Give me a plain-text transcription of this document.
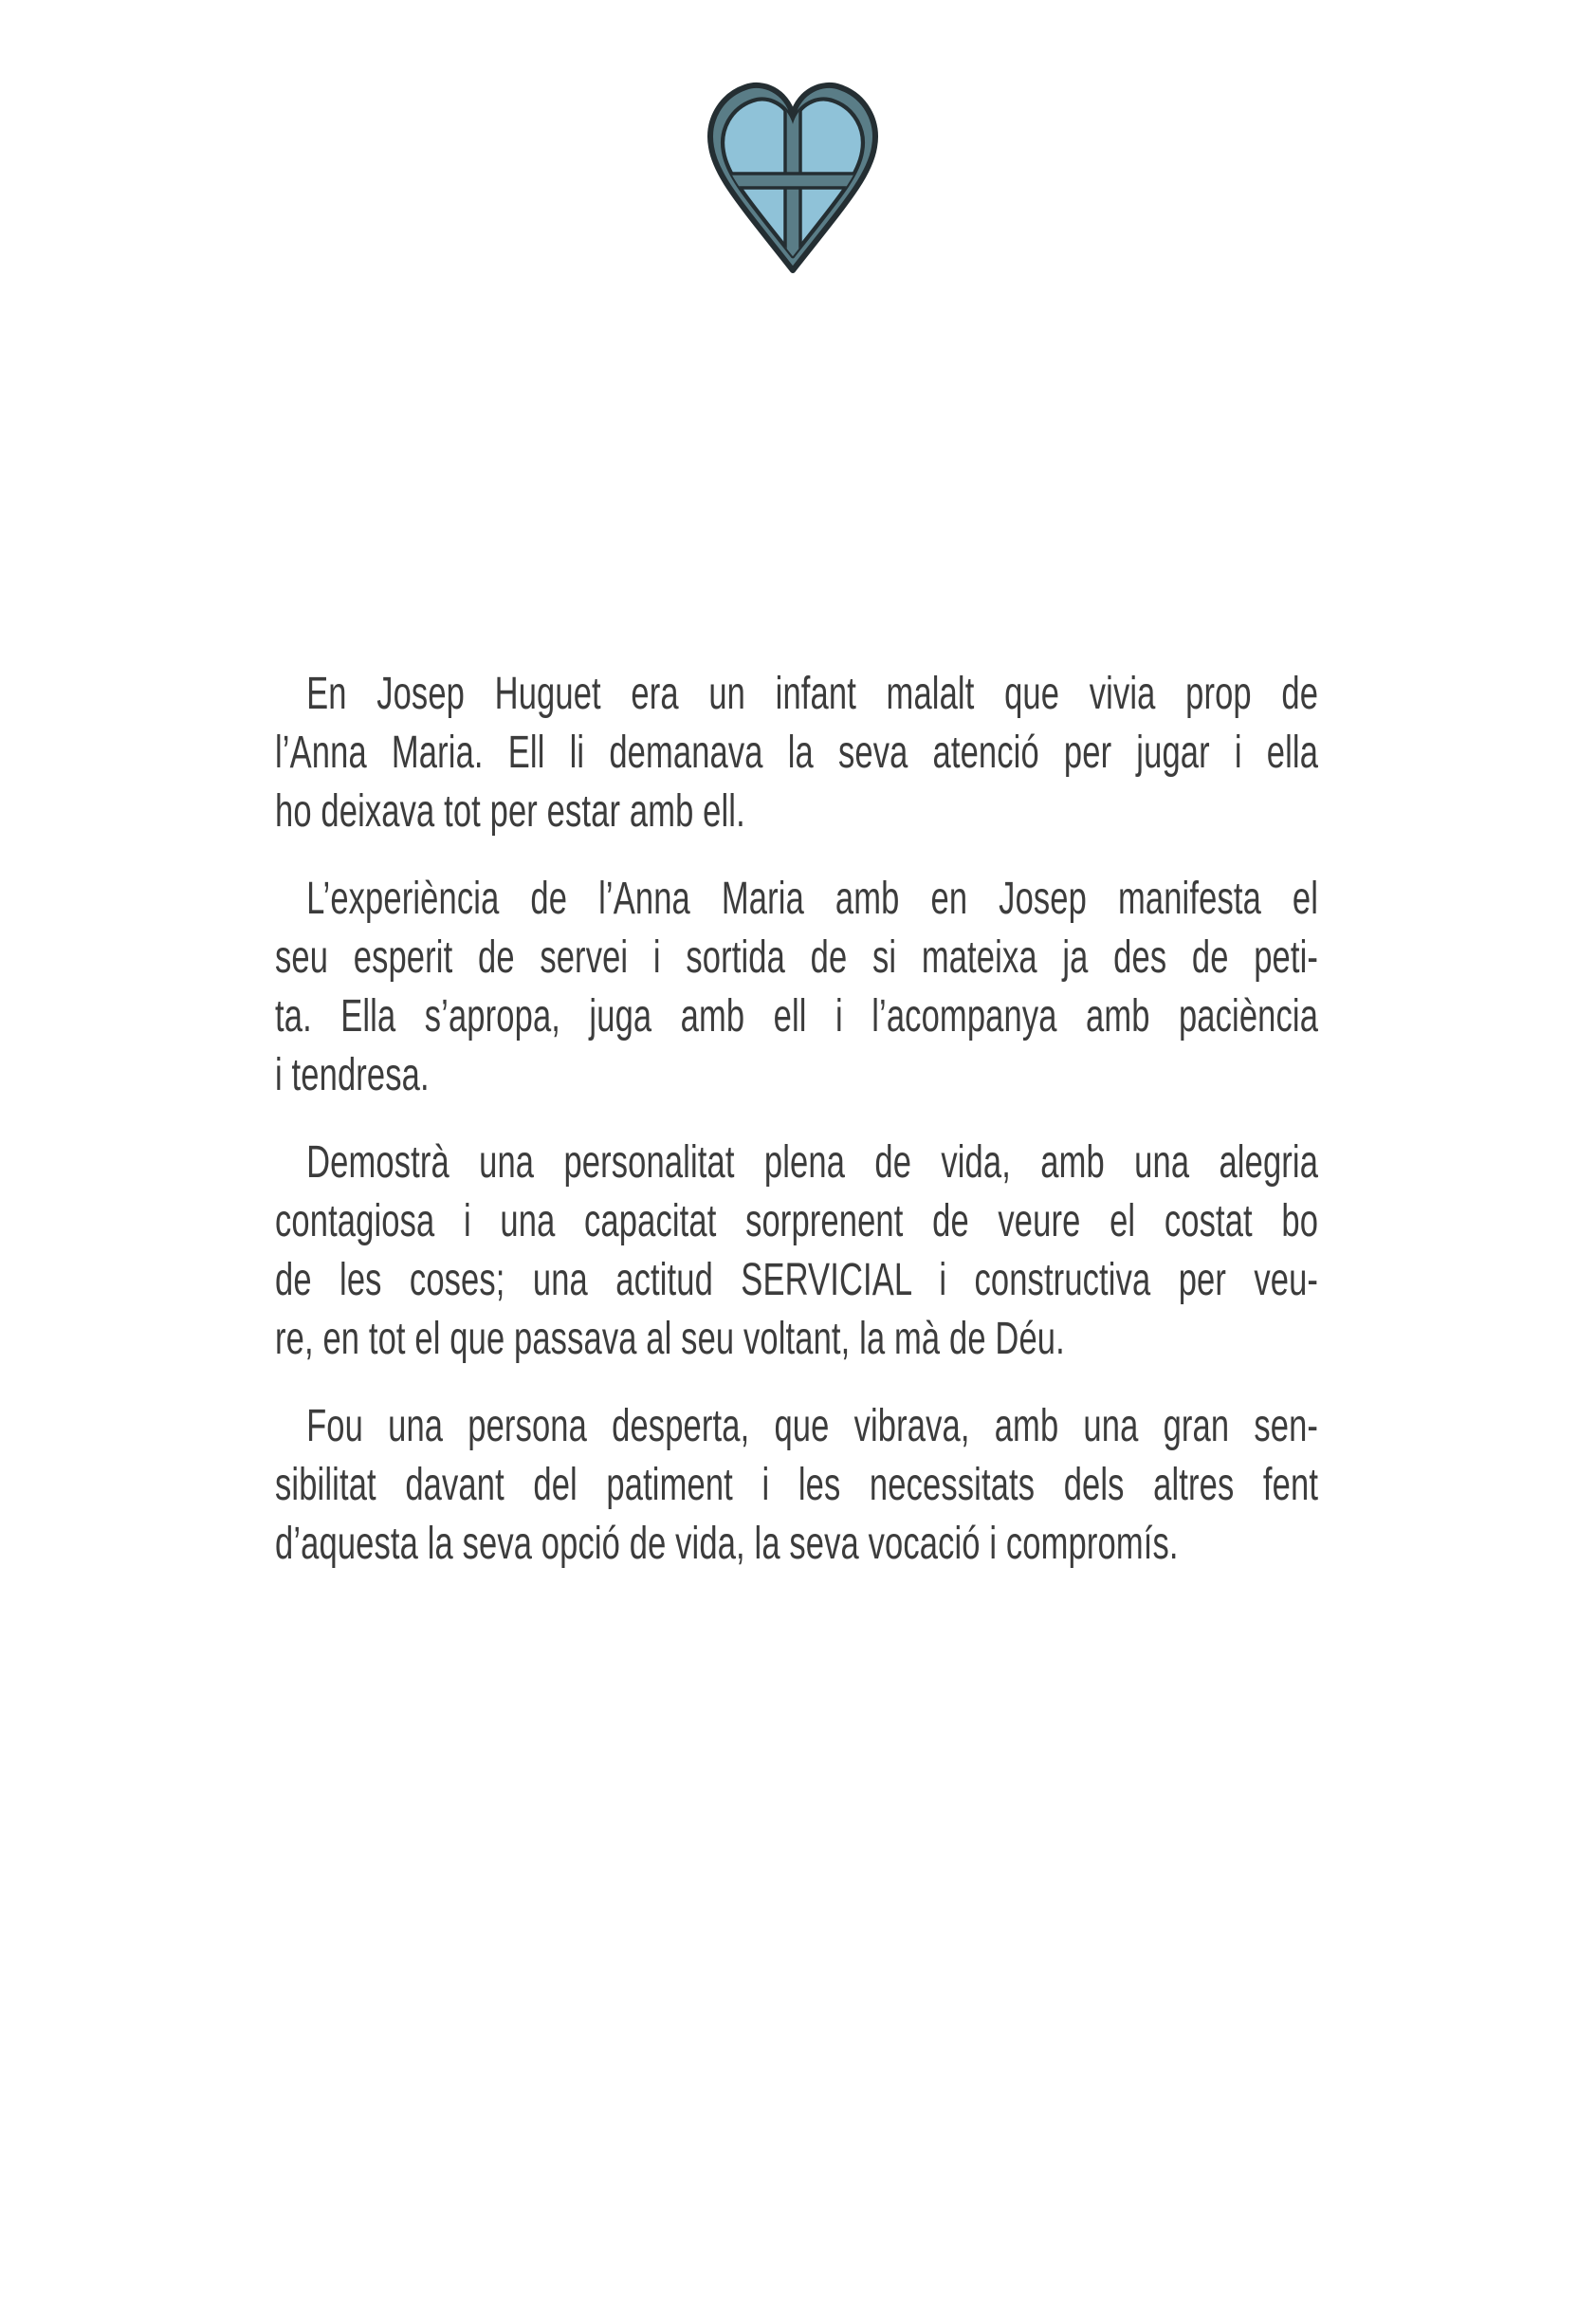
En Josep Huguet era un infant malalt que vivia prop de
l’Anna Maria. Ell li demanava la seva atenció per jugar i ella
ho deixava tot per estar amb ell.

L’experiència de l’Anna Maria amb en Josep manifesta el
seu esperit de servei i sortida de si mateixa ja des de peti-
ta. Ella s’apropa, juga amb ell i l’acompanya amb paciència
i tendresa.

Demostrà una personalitat plena de vida, amb una alegria
contagiosa i una capacitat sorprenent de veure el costat bo
de les coses; una actitud SERVICIAL i constructiva per veu-
re, en tot el que passava al seu voltant, la mà de Déu.

Fou una persona desperta, que vibrava, amb una gran sen-
sibilitat davant del patiment i les necessitats dels altres fent
d’aquesta la seva opció de vida, la seva vocació i compromís.
